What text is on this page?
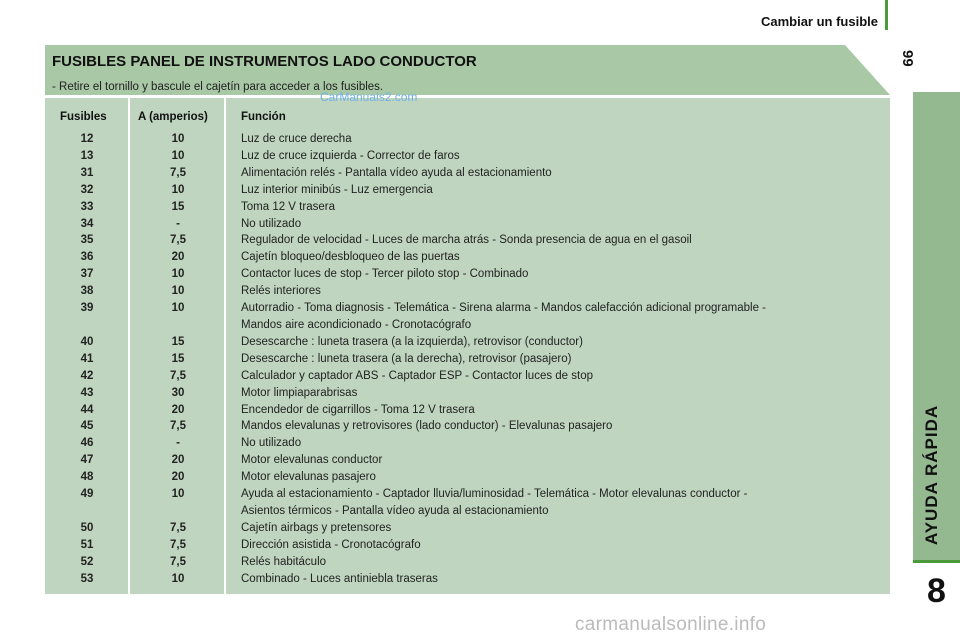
Cambiar un fusible
99
AYUDA RÁPIDA
8
FUSIBLES PANEL DE INSTRUMENTOS LADO CONDUCTOR
- Retire el tornillo y bascule el cajetín para acceder a los fusibles.
Fusibles	A (amperios)	Función
12	10	Luz de cruce derecha
13	10	Luz de cruce izquierda - Corrector de faros
31	7,5	Alimentación relés - Pantalla vídeo ayuda al estacionamiento
32	10	Luz interior minibús - Luz emergencia
33	15	Toma 12 V trasera
34	-	No utilizado
35	7,5	Regulador de velocidad - Luces de marcha atrás - Sonda presencia de agua en el gasoil
36	20	Cajetín bloqueo/desbloqueo de las puertas
37	10	Contactor luces de stop - Tercer piloto stop - Combinado
38	10	Relés interiores
39	10	Autorradio - Toma diagnosis - Telemática - Sirena alarma - Mandos calefacción adicional programable -
Mandos aire acondicionado - Cronotacógrafo
40	15	Desescarche : luneta trasera (a la izquierda), retrovisor (conductor)
41	15	Desescarche : luneta trasera (a la derecha), retrovisor (pasajero)
42	7,5	Calculador y captador ABS - Captador ESP - Contactor luces de stop
43	30	Motor limpiaparabrisas
44	20	Encendedor de cigarrillos - Toma 12 V trasera
45	7,5	Mandos elevalunas y retrovisores (lado conductor) - Elevalunas pasajero
46	-	No utilizado
47	20	Motor elevalunas conductor
48	20	Motor elevalunas pasajero
49	10	Ayuda al estacionamiento - Captador lluvia/luminosidad - Telemática - Motor elevalunas conductor -
Asientos térmicos - Pantalla vídeo ayuda al estacionamiento
50	7,5	Cajetín airbags y pretensores
51	7,5	Dirección asistida - Cronotacógrafo
52	7,5	Relés habitáculo
53	10	Combinado - Luces antiniebla traseras
CarManuals2.com
carmanualsonline.info
